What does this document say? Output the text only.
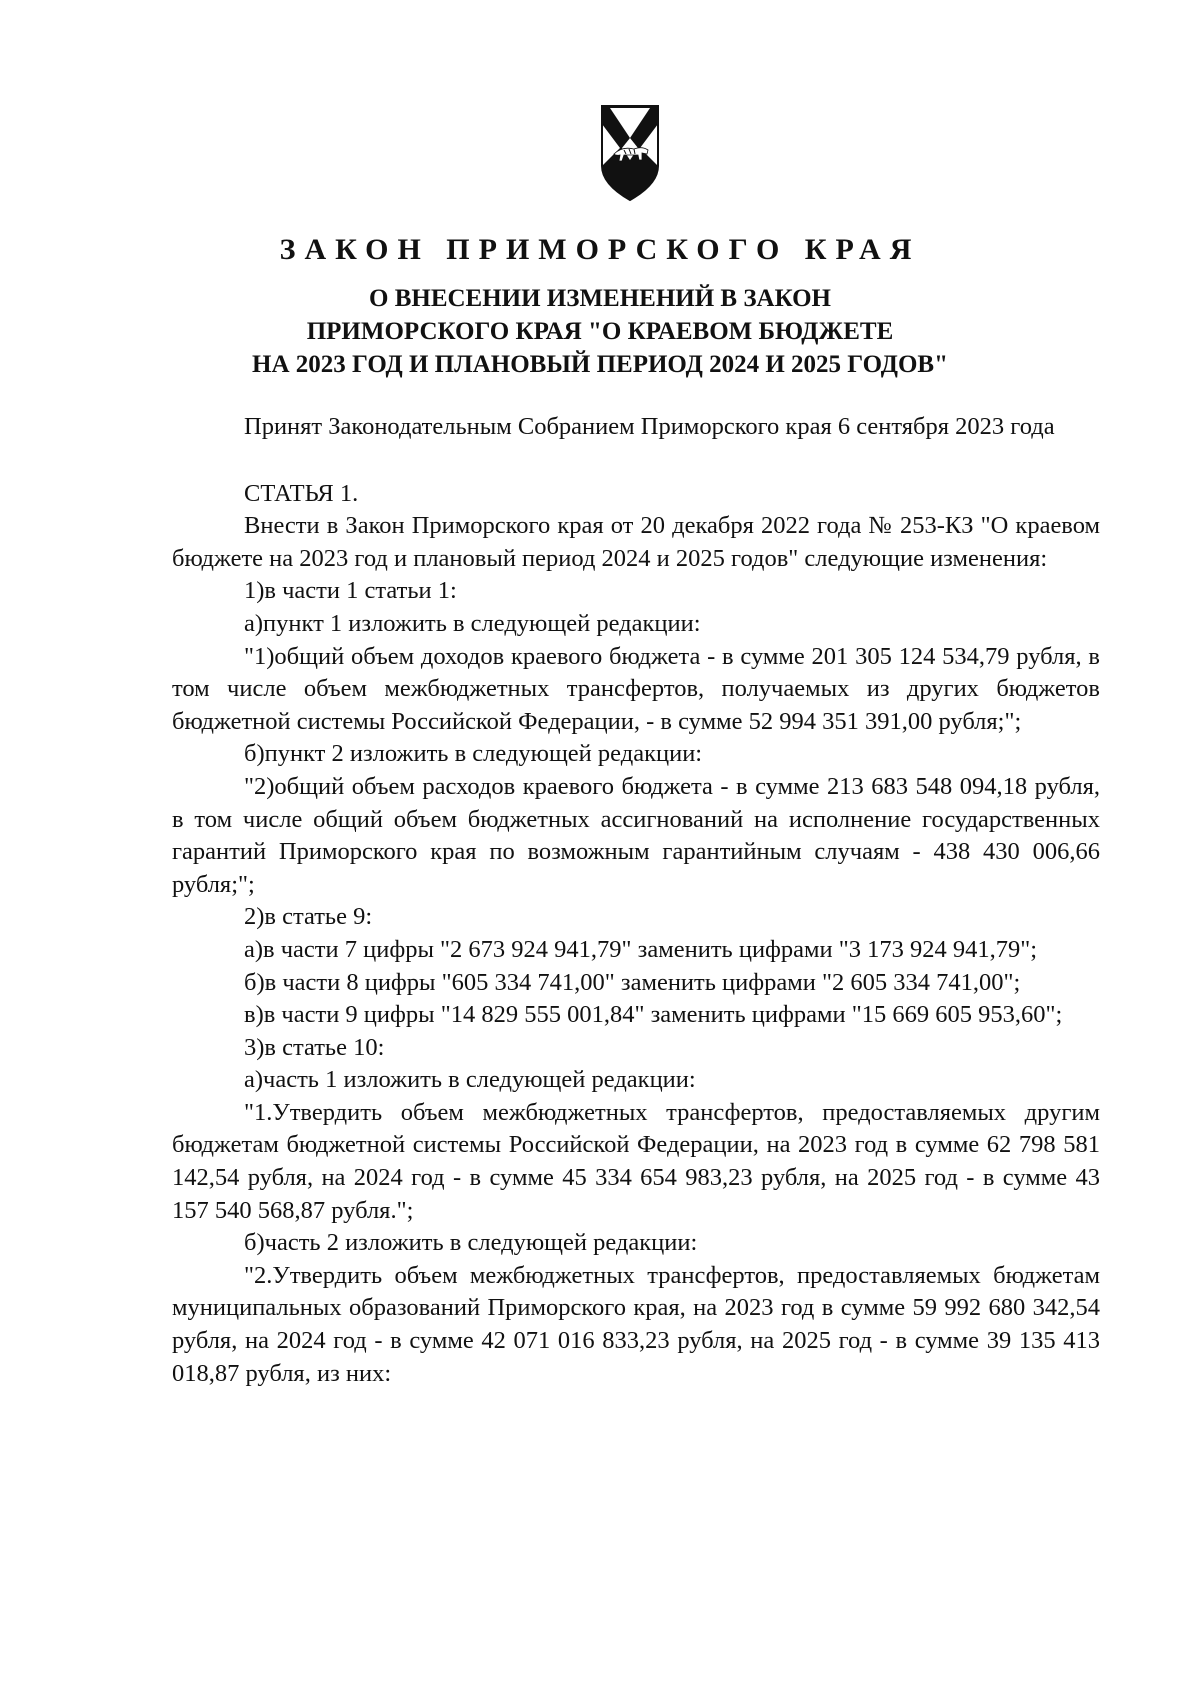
ЗАКОН ПРИМОРСКОГО КРАЯ
О ВНЕСЕНИИ ИЗМЕНЕНИЙ В ЗАКОН
ПРИМОРСКОГО КРАЯ "О КРАЕВОМ БЮДЖЕТЕ
НА 2023 ГОД И ПЛАНОВЫЙ ПЕРИОД 2024 И 2025 ГОДОВ"
Принят Законодательным Собранием Приморского края 6 сентября 2023 года
СТАТЬЯ 1.
Внести в Закон Приморского края от 20 декабря 2022 года № 253-КЗ "О краевом бюджете на 2023 год и плановый период 2024 и 2025 годов" следующие изменения:
1)в части 1 статьи 1:
а)пункт 1 изложить в следующей редакции:
"1)общий объем доходов краевого бюджета - в сумме 201 305 124 534,79 рубля, в том числе объем межбюджетных трансфертов, получаемых из других бюджетов бюджетной системы Российской Федерации, - в сумме 52 994 351 391,00 рубля;";
б)пункт 2 изложить в следующей редакции:
"2)общий объем расходов краевого бюджета - в сумме 213 683 548 094,18 рубля, в том числе общий объем бюджетных ассигнований на исполнение государственных гарантий Приморского края по возможным гарантийным случаям - 438 430 006,66 рубля;";
2)в статье 9:
а)в части 7 цифры "2 673 924 941,79" заменить цифрами "3 173 924 941,79";
б)в части 8 цифры "605 334 741,00" заменить цифрами "2 605 334 741,00";
в)в части 9 цифры "14 829 555 001,84" заменить цифрами "15 669 605 953,60";
3)в статье 10:
а)часть 1 изложить в следующей редакции:
"1.Утвердить объем межбюджетных трансфертов, предоставляемых другим бюджетам бюджетной системы Российской Федерации, на 2023 год в сумме 62 798 581 142,54 рубля, на 2024 год - в сумме 45 334 654 983,23 рубля, на 2025 год - в сумме 43 157 540 568,87 рубля.";
б)часть 2 изложить в следующей редакции:
"2.Утвердить объем межбюджетных трансфертов, предоставляемых бюджетам муниципальных образований Приморского края, на 2023 год в сумме 59 992 680 342,54 рубля, на 2024 год - в сумме 42 071 016 833,23 рубля, на 2025 год - в сумме 39 135 413 018,87 рубля, из них:
